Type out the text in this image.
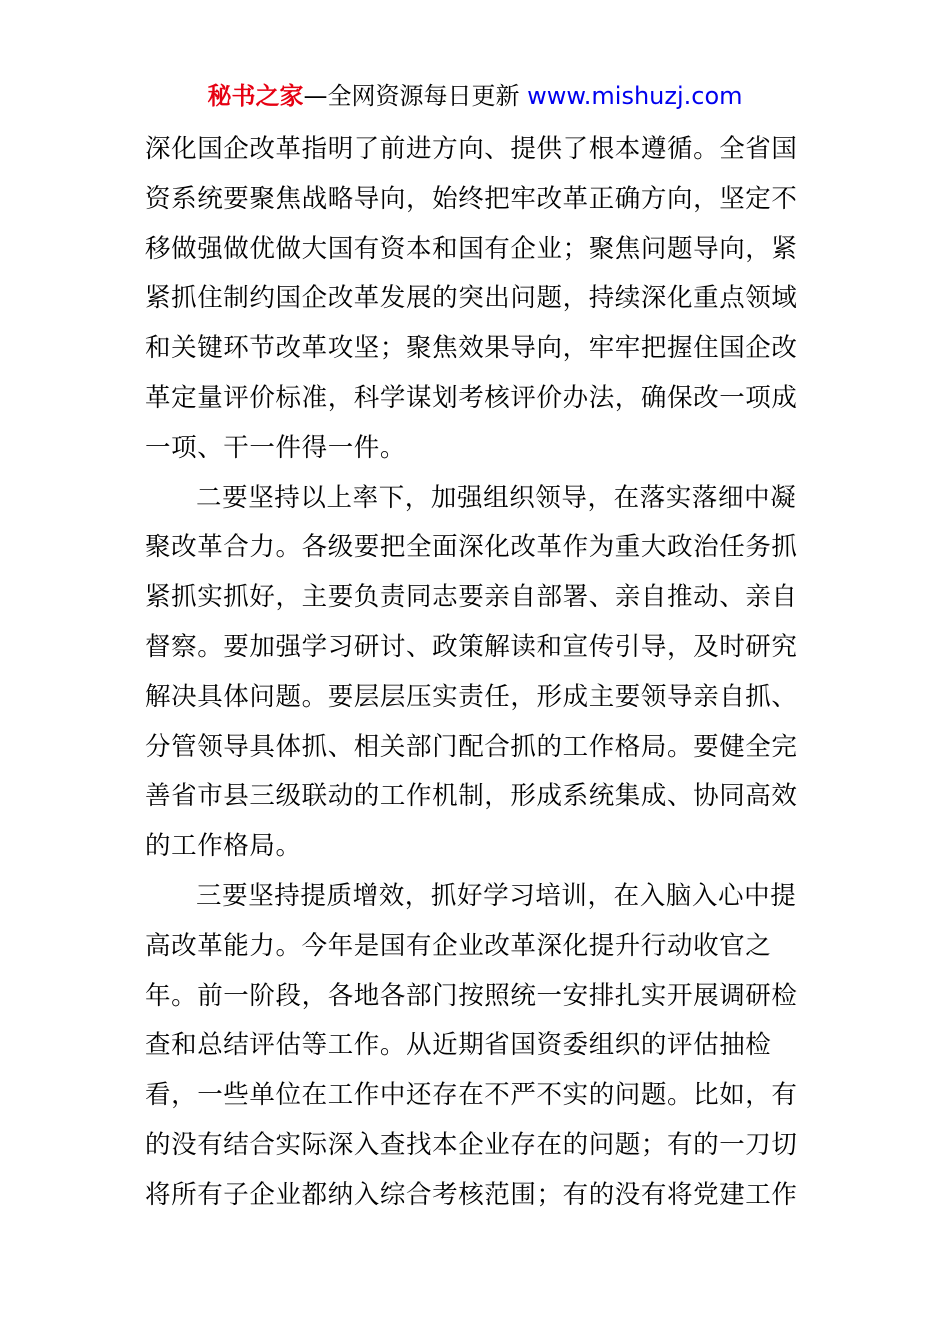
秘书之家—全网资源每日更新 www.mishuzj.com
深化国企改革指明了前进方向、提供了根本遵循。全省国
资系统要聚焦战略导向，始终把牢改革正确方向，坚定不
移做强做优做大国有资本和国有企业；聚焦问题导向，紧
紧抓住制约国企改革发展的突出问题，持续深化重点领域
和关键环节改革攻坚；聚焦效果导向，牢牢把握住国企改
革定量评价标准，科学谋划考核评价办法，确保改一项成
一项、干一件得一件。
二要坚持以上率下，加强组织领导，在落实落细中凝
聚改革合力。各级要把全面深化改革作为重大政治任务抓
紧抓实抓好，主要负责同志要亲自部署、亲自推动、亲自
督察。要加强学习研讨、政策解读和宣传引导，及时研究
解决具体问题。要层层压实责任，形成主要领导亲自抓、
分管领导具体抓、相关部门配合抓的工作格局。要健全完
善省市县三级联动的工作机制，形成系统集成、协同高效
的工作格局。
三要坚持提质增效，抓好学习培训，在入脑入心中提
高改革能力。今年是国有企业改革深化提升行动收官之
年。前一阶段，各地各部门按照统一安排扎实开展调研检
查和总结评估等工作。从近期省国资委组织的评估抽检
看，一些单位在工作中还存在不严不实的问题。比如，有
的没有结合实际深入查找本企业存在的问题；有的一刀切
将所有子企业都纳入综合考核范围；有的没有将党建工作
